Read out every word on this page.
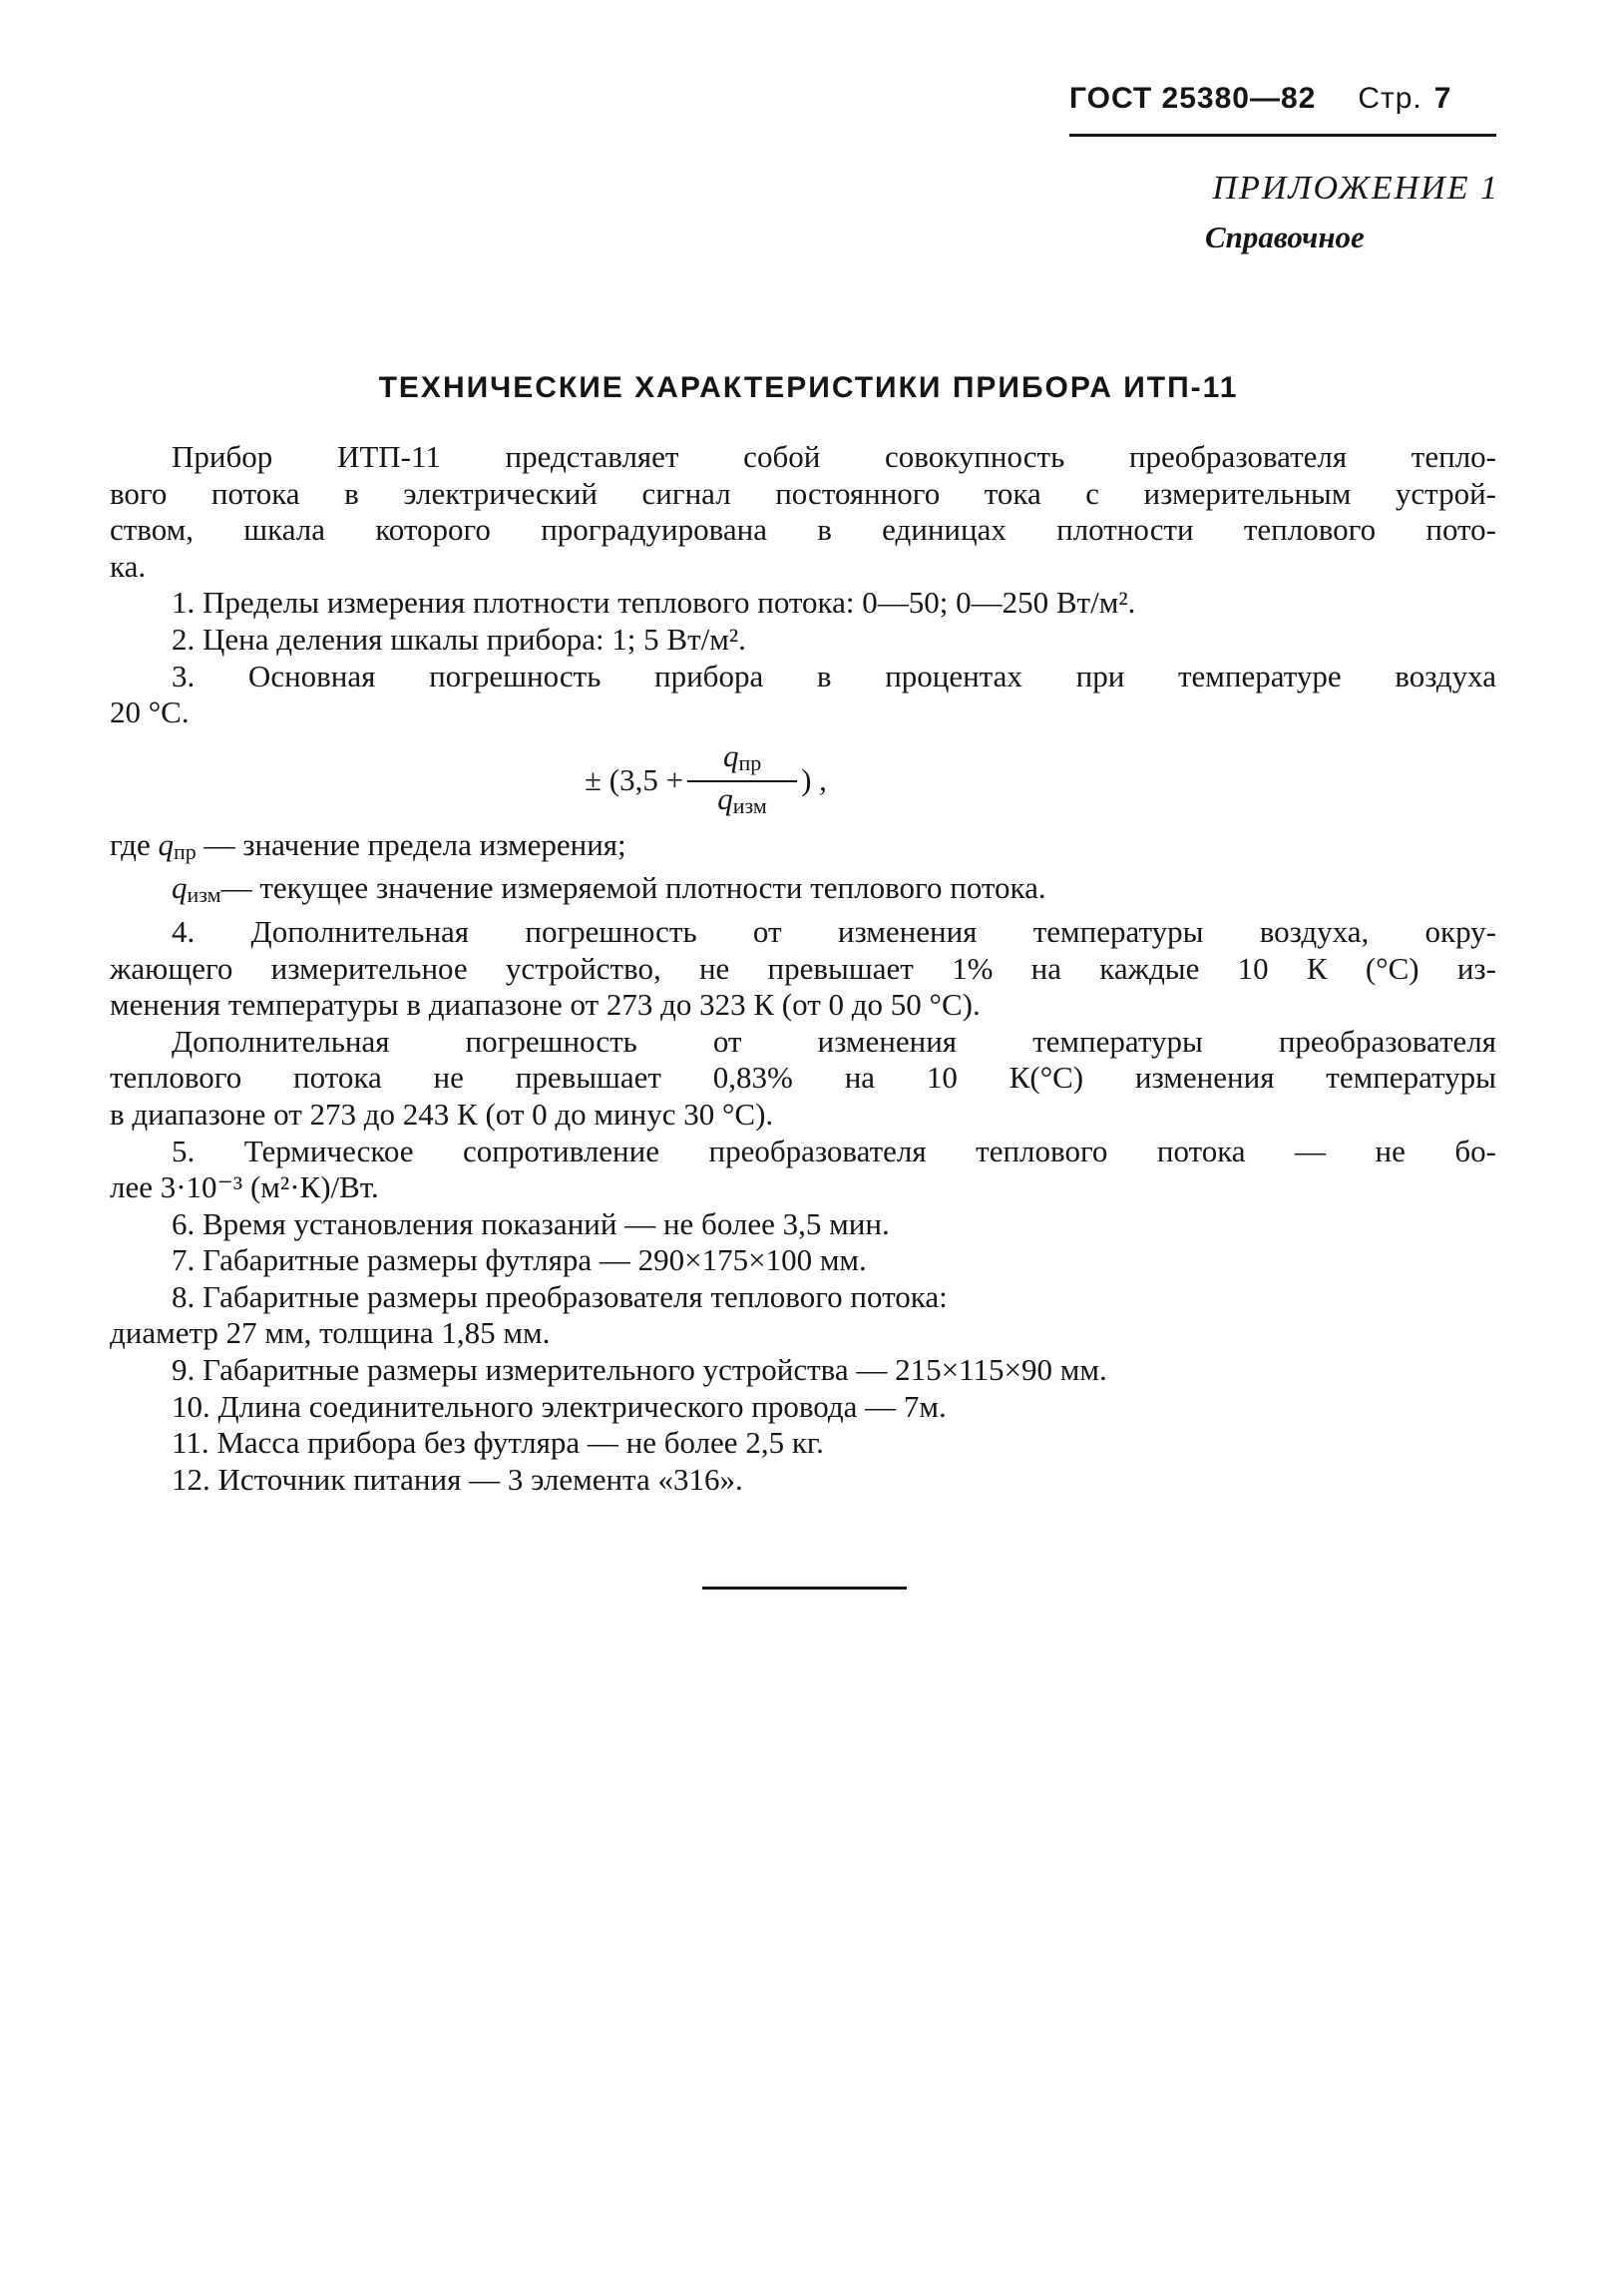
ГОСТ 25380—82 Стр. 7
ПРИЛОЖЕНИЕ 1
Справочное
ТЕХНИЧЕСКИЕ ХАРАКТЕРИСТИКИ ПРИБОРА ИТП-11

Прибор ИТП-11 представляет собой совокупность преобразователя тепло-

вого потока в электрический сигнал постоянного тока с измерительным устрой-

ством, шкала которого проградуирована в единицах плотности теплового пото-

ка.

1. Пределы измерения плотности теплового потока: 0—50; 0—250 Вт/м².

2. Цена деления шкалы прибора: 1; 5 Вт/м².

3. Основная погрешность прибора в процентах при температуре воздуха

20 °С.

± ($3,5 + \frac{q_{пр}}{q_{изм}}$ ) ,

где $q_{пр}$ — значение предела измерения;

$q_{изм}—$ текущее значение измеряемой плотности теплового потока.

4. Дополнительная погрешность от изменения температуры воздуха, окру-

жающего измерительное устройство, не превышает 1% на каждые 10 К (°С) из-

менения температуры в диапазоне от 273 до 323 К (от 0 до 50 °С).

Дополнительная погрешность от изменения температуры преобразователя

теплового потока не превышает 0,83% на 10 К(°С) изменения температуры

в диапазоне от 273 до 243 К (от 0 до минус 30 °С).

5. Термическое сопротивление преобразователя теплового потока — не бо-

лее 3·10⁻³ (м²·К)/Вт.

6. Время установления показаний — не более 3,5 мин.

7. Габаритные размеры футляра — 290×175×100 мм.

8. Габаритные размеры преобразователя теплового потока:

диаметр 27 мм, толщина 1,85 мм.

9. Габаритные размеры измерительного устройства — 215×115×90 мм.

10. Длина соединительного электрического провода — 7м.

11. Масса прибора без футляра — не более 2,5 кг.

12. Источник питания — 3 элемента «316».
